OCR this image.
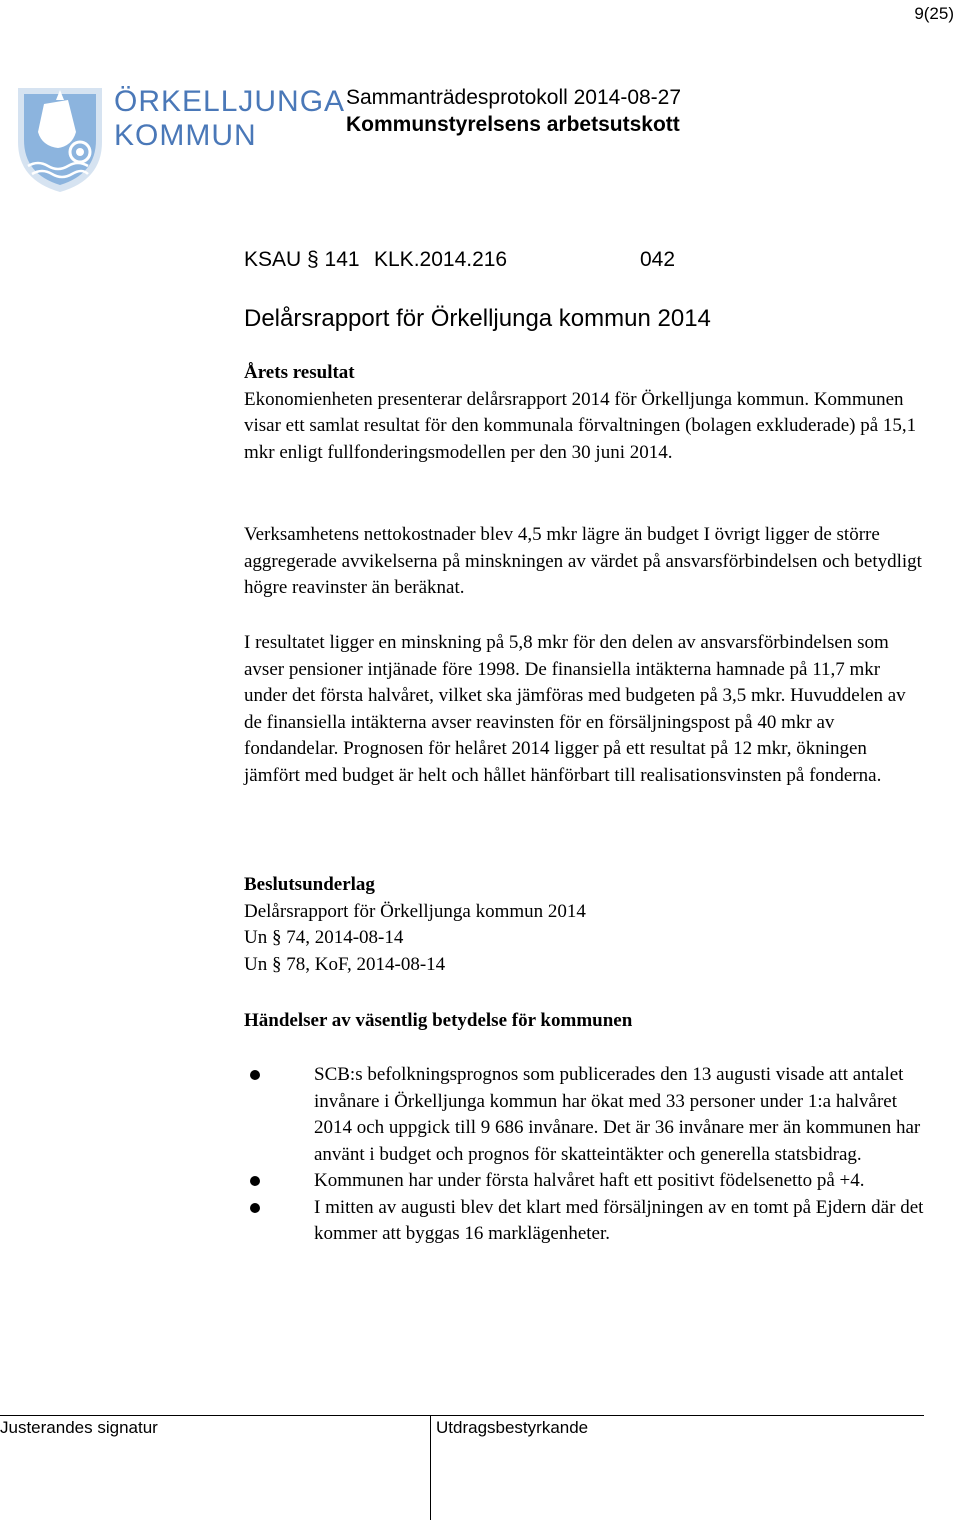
9(25)
ÖRKELLJUNGA
KOMMUN
Sammanträdesprotokoll 2014-08-27
Kommunstyrelsens arbetsutskott
KSAU § 141 KLK.2014.216	042
Delårsrapport för Örkelljunga kommun 2014
Årets resultat
Ekonomienheten presenterar delårsrapport 2014 för Örkelljunga kommun. Kommunen visar ett samlat resultat för den kommunala förvaltningen (bolagen exkluderade) på 15,1 mkr enligt fullfonderingsmodellen per den 30 juni 2014.
Verksamhetens nettokostnader blev 4,5 mkr lägre än budget I övrigt ligger de större aggregerade avvikelserna på minskningen av värdet på ansvarsförbindelsen och betydligt högre reavinster än beräknat.
I resultatet ligger en minskning på 5,8 mkr för den delen av ansvarsförbindelsen som avser pensioner intjänade före 1998. De finansiella intäkterna hamnade på 11,7 mkr under det första halvåret, vilket ska jämföras med budgeten på 3,5 mkr. Huvuddelen av de finansiella intäkterna avser reavinsten för en försäljningspost på 40 mkr av fondandelar. Prognosen för helåret 2014 ligger på ett resultat på 12 mkr, ökningen jämfört med budget är helt och hållet hänförbart till realisationsvinsten på fonderna.
Beslutsunderlag
Delårsrapport för Örkelljunga kommun 2014
Un § 74, 2014-08-14
Un § 78, KoF, 2014-08-14
Händelser av väsentlig betydelse för kommunen
SCB:s befolkningsprognos som publicerades den 13 augusti visade att antalet invånare i Örkelljunga kommun har ökat med 33 personer under 1:a halvåret 2014 och uppgick till 9 686 invånare. Det är 36 invånare mer än kommunen har använt i budget och prognos för skatteintäkter och generella statsbidrag.
Kommunen har under första halvåret haft ett positivt födelsenetto på +4.
I mitten av augusti blev det klart med försäljningen av en tomt på Ejdern där det kommer att byggas 16 marklägenheter.
Justerandes signatur	Utdragsbestyrkande
